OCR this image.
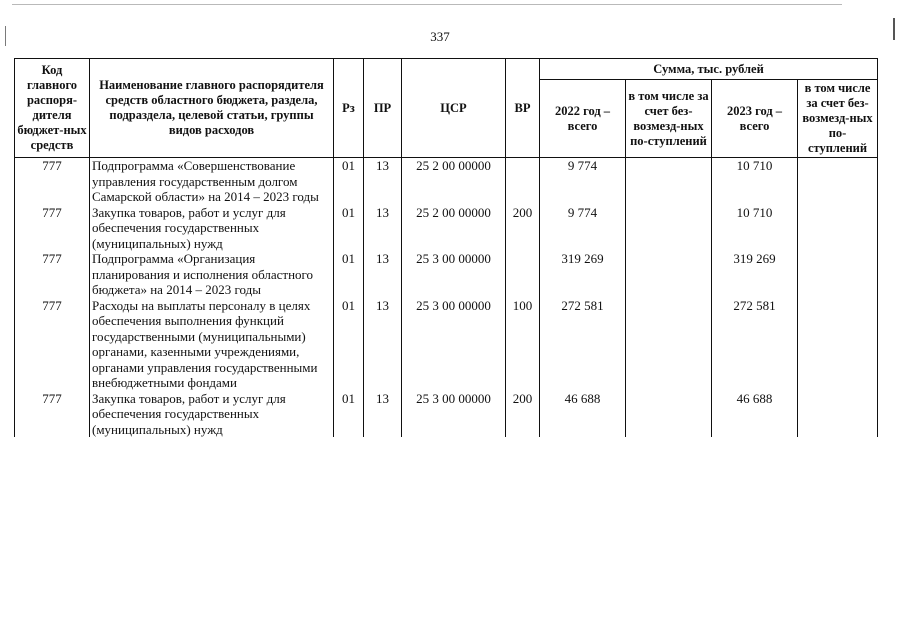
337
Код главного распоря-дителя бюджет-ных средств	Наименование главного распорядителя средств областного бюджета, раздела, подраздела, целевой статьи, группы видов расходов	Рз	ПР	ЦСР	ВР	Сумма, тыс. рублей			
						2022 год – всего	в том числе за счет без-возмезд-ных по-ступлений	2023 год – всего	в том числе за счет без-возмезд-ных по-ступлений
777	Подпрограмма «Совершенствование управления государственным долгом Самарской области» на 2014 – 2023 годы	01	13	25 2 00 00000		9 774		10 710	
777	Закупка товаров, работ и услуг для обеспечения государственных (муниципальных) нужд	01	13	25 2 00 00000	200	9 774		10 710	
777	Подпрограмма «Организация планирования и исполнения областного бюджета» на 2014 – 2023 годы	01	13	25 3 00 00000		319 269		319 269	
777	Расходы на выплаты персоналу в целях обеспечения выполнения функций государственными (муниципальными) органами, казенными учреждениями, органами управления государственными внебюджетными фондами	01	13	25 3 00 00000	100	272 581		272 581	
777	Закупка товаров, работ и услуг для обеспечения государственных (муниципальных) нужд	01	13	25 3 00 00000	200	46 688		46 688	
